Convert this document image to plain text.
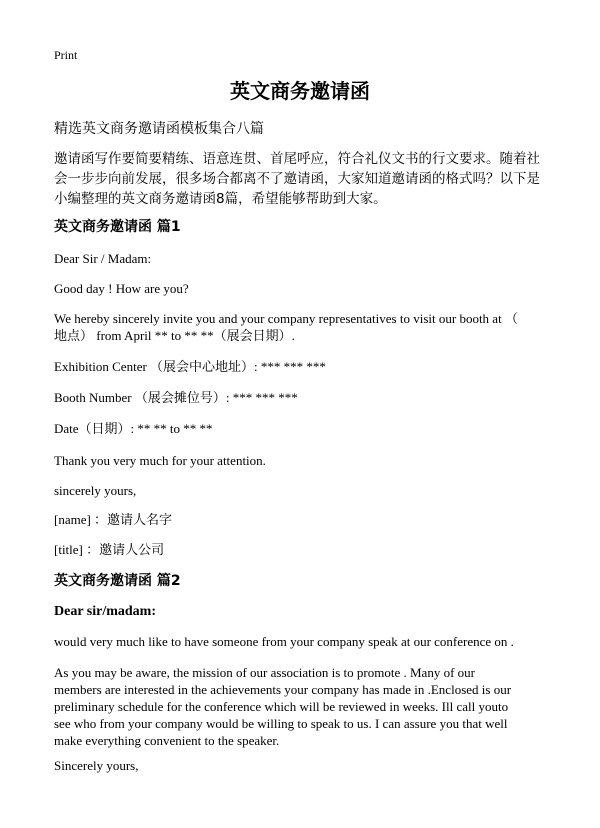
Print
英文商务邀请函
精选英文商务邀请函模板集合八篇
邀请函写作要简要精练、语意连贯、首尾呼应，符合礼仪文书的行文要求。随着社
会一步步向前发展，很多场合都离不了邀请函，大家知道邀请函的格式吗？以下是
小编整理的英文商务邀请函8篇，希望能够帮助到大家。
英文商务邀请函 篇1
Dear Sir / Madam:
Good day ! How are you?
We hereby sincerely invite you and your company representatives to visit our booth at （
地点） from April ** to ** **（展会日期）.
Exhibition Center （展会中心地址）: *** *** ***
Booth Number （展会摊位号）: *** *** ***
Date（日期）: ** ** to ** **
Thank you very much for your attention.
sincerely yours,
[name] ：邀请人名字
[title] ：邀请人公司
英文商务邀请函 篇2
Dear sir/madam:
would very much like to have someone from your company speak at our conference on .
As you may be aware, the mission of our association is to promote . Many of our
members are interested in the achievements your company has made in .Enclosed is our
preliminary schedule for the conference which will be reviewed in weeks. Ill call youto
see who from your company would be willing to speak to us. I can assure you that well
make everything convenient to the speaker.
Sincerely yours,
